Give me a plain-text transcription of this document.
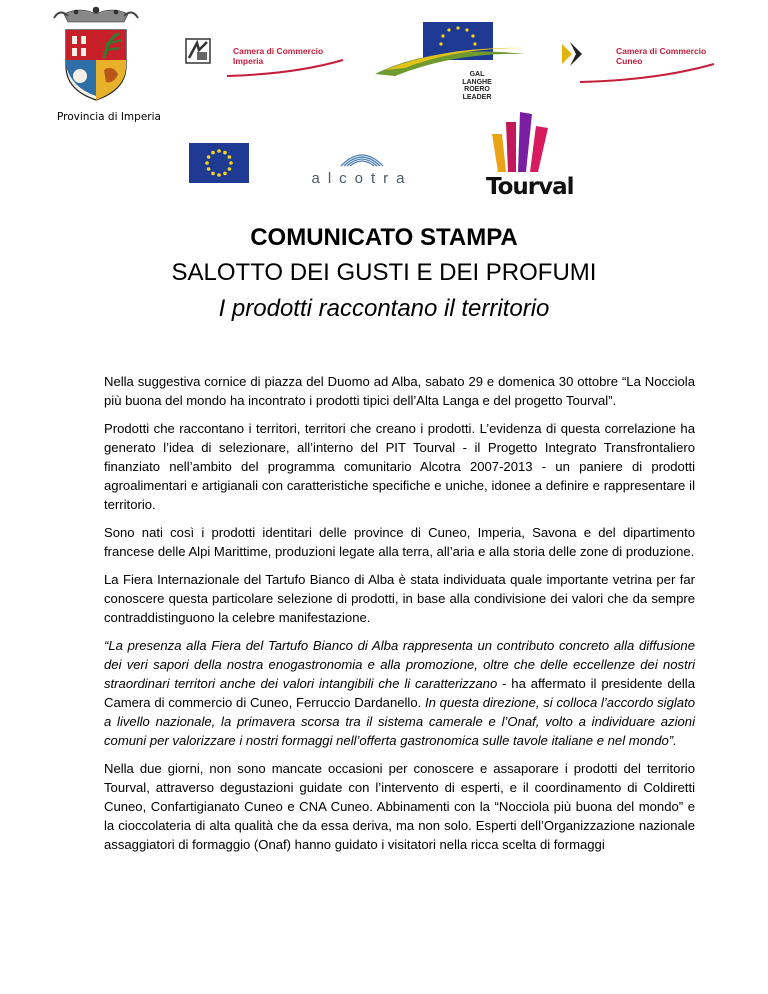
Provincia di Imperia
Camera di Commercio
Imperia
GAL
LANGHE
ROERO
LEADER
Camera di Commercio
Cuneo
alcotra	Tourval
COMUNICATO STAMPA
SALOTTO DEI GUSTI E DEI PROFUMI
I prodotti raccontano il territorio

Nella suggestiva cornice di piazza del Duomo ad Alba, sabato 29 e domenica 30 ottobre “La Nocciola più buona del mondo ha incontrato i prodotti tipici dell’Alta Langa e del progetto Tourval”.

Prodotti che raccontano i territori, territori che creano i prodotti. L’evidenza di questa correlazione ha generato l’idea di selezionare, all’interno del PIT Tourval - il Progetto Integrato Transfrontaliero finanziato nell’ambito del programma comunitario Alcotra 2007-2013 - un paniere di prodotti agroalimentari e artigianali con caratteristiche specifiche e uniche, idonee a definire e rappresentare il territorio.

Sono nati così i prodotti identitari delle province di Cuneo, Imperia, Savona e del dipartimento francese delle Alpi Marittime, produzioni legate alla terra, all’aria e alla storia delle zone di produzione.

La Fiera Internazionale del Tartufo Bianco di Alba è stata individuata quale importante vetrina per far conoscere questa particolare selezione di prodotti, in base alla condivisione dei valori che da sempre contraddistinguono la celebre manifestazione.

“La presenza alla Fiera del Tartufo Bianco di Alba rappresenta un contributo concreto alla diffusione dei veri sapori della nostra enogastronomia e alla promozione, oltre che delle eccellenze dei nostri straordinari territori anche dei valori intangibili che li caratterizzano - ha affermato il presidente della Camera di commercio di Cuneo, Ferruccio Dardanello. In questa direzione, si colloca l’accordo siglato a livello nazionale, la primavera scorsa tra il sistema camerale e l’Onaf, volto a individuare azioni comuni per valorizzare i nostri formaggi nell’offerta gastronomica sulle tavole italiane e nel mondo”.

Nella due giorni, non sono mancate occasioni per conoscere e assaporare i prodotti del territorio Tourval, attraverso degustazioni guidate con l’intervento di esperti, e il coordinamento di Coldiretti Cuneo, Confartigianato Cuneo e CNA Cuneo. Abbinamenti con la “Nocciola più buona del mondo” e la cioccolateria di alta qualità che da essa deriva, ma non solo. Esperti dell’Organizzazione nazionale assaggiatori di formaggio (Onaf) hanno guidato i visitatori nella ricca scelta di formaggi
